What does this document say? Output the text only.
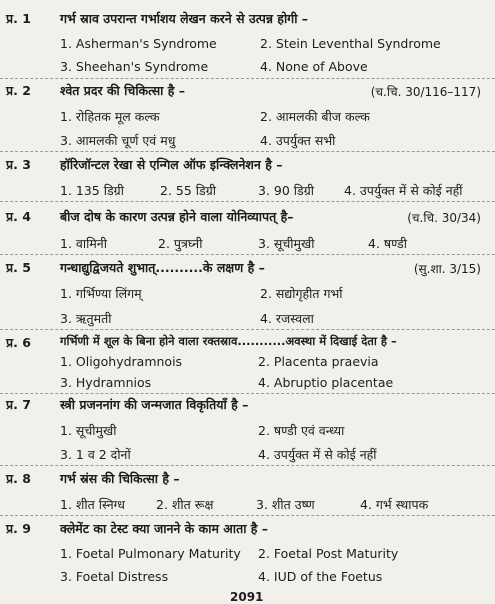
प्र. 1 गर्भ स्राव उपरान्त गर्भाशय लेखन करने से उत्पन्न होगी –
1. Asherman's Syndrome	2. Stein Leventhal Syndrome
3. Sheehan's Syndrome	4. None of Above
प्र. 2 श्वेत प्रदर की चिकित्सा है –	(च.चि. 30/116–117)
1. रोहितक मूल कल्क	2. आमलकी बीज कल्क
3. आमलकी चूर्ण एवं मधु	4. उपर्युक्त सभी
प्र. 3 हॉरिजॉन्टल रेखा से एन्गिल ऑफ इन्क्लिनेशन है –
1. 135 डिग्री	2. 55 डिग्री	3. 90 डिग्री 4. उपर्युक्त में से कोई नहीं
प्र. 4 बीज दोष के कारण उत्पन्न होने वाला योनिव्यापत् है–	(च.चि. 30/34)
1. वामिनी	2. पुत्रघ्नी	3. सूचीमुखी	4. षण्डी
प्र. 5 गन्धाद्युद्विजयते शुभात्..........के लक्षण है –	(सु.शा. 3/15)
1. गर्भिण्या लिंगम्	2. सद्योगृहीत गर्भा
3. ऋतुमती	4. रजस्वला
प्र. 6	गर्भिणी में शूल के बिना होने वाला रक्तस्राव...........अवस्था में दिखाई देता है –
1. Oligohydramnois	2. Placenta praevia
3. Hydramnios	4. Abruptio placentae
प्र. 7 स्त्री प्रजननांग की जन्मजात विकृतियाँ है –
1. सूचीमुखी	2. षण्डी एवं वन्ध्या
3. 1 व 2 दोनों	4. उपर्युक्त में से कोई नहीं
प्र. 8 गर्भ स्रंस की चिकित्सा है –
1. शीत स्निग्ध 2. शीत रूक्ष	3. शीत उष्ण	4. गर्भ स्थापक
प्र. 9 क्लेमेंट का टेस्ट क्या जानने के काम आता है –
1. Foetal Pulmonary Maturity 2. Foetal Post Maturity
3. Foetal Distress	4. IUD of the Foetus
2091
